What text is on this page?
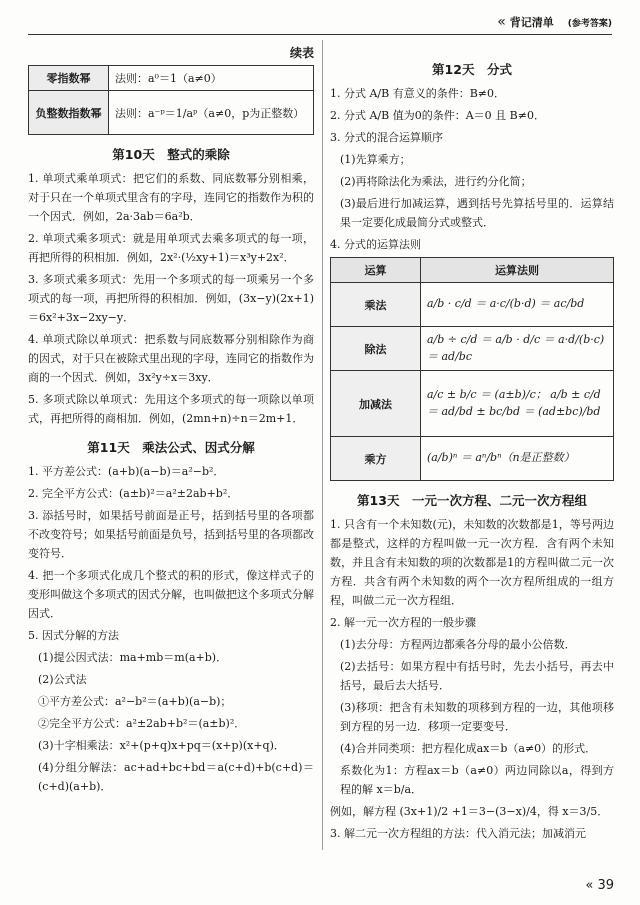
« 背记清单	(参考答案)
续表
零指数幂	法则：a⁰＝1（a≠0）
负整数指数幂	法则：a⁻ᵖ＝1/aᵖ（a≠0，p为正整数）
第10天　整式的乘除
1. 单项式乘单项式：把它们的系数、同底数幂分别相乘，对于只在一个单项式里含有的字母，连同它的指数作为积的一个因式．例如，2a·3ab＝6a²b．
2. 单项式乘多项式：就是用单项式去乘多项式的每一项，再把所得的积相加．例如，2x²·(½xy+1)＝x³y+2x²．
3. 多项式乘多项式：先用一个多项式的每一项乘另一个多项式的每一项，再把所得的积相加．例如，(3x−y)(2x+1)＝6x²+3x−2xy−y．
4. 单项式除以单项式：把系数与同底数幂分别相除作为商的因式，对于只在被除式里出现的字母，连同它的指数作为商的一个因式．例如，3x²y÷x＝3xy．
5. 多项式除以单项式：先用这个多项式的每一项除以单项式，再把所得的商相加．例如，(2mn+n)÷n＝2m+1．
第11天　乘法公式、因式分解
1. 平方差公式：(a+b)(a−b)＝a²−b²．
2. 完全平方公式：(a±b)²＝a²±2ab+b²．
3. 添括号时，如果括号前面是正号，括到括号里的各项都不改变符号；如果括号前面是负号，括到括号里的各项都改变符号．
4. 把一个多项式化成几个整式的积的形式，像这样式子的变形叫做这个多项式的因式分解，也叫做把这个多项式分解因式．
5. 因式分解的方法
(1)提公因式法：ma+mb＝m(a+b)．
(2)公式法
①平方差公式：a²−b²＝(a+b)(a−b)；
②完全平方公式：a²±2ab+b²＝(a±b)²．
(3)十字相乘法：x²+(p+q)x+pq＝(x+p)(x+q)．
(4)分组分解法：ac+ad+bc+bd＝a(c+d)+b(c+d)＝(c+d)(a+b)．
第12天　分式
1. 分式 A/B 有意义的条件：B≠0．
2. 分式 A/B 值为0的条件：A＝0 且 B≠0．
3. 分式的混合运算顺序
(1)先算乘方；
(2)再将除法化为乘法，进行约分化简；
(3)最后进行加减运算，遇到括号先算括号里的．运算结果一定要化成最简分式或整式．
4. 分式的运算法则
运算	运算法则
乘法	a/b · c/d ＝ a·c/(b·d) ＝ ac/bd
除法	a/b ÷ c/d ＝ a/b · d/c ＝ a·d/(b·c) ＝ ad/bc
加减法	a/c ± b/c ＝ (a±b)/c； a/b ± c/d ＝ ad/bd ± bc/bd ＝ (ad±bc)/bd
乘方	(a/b)ⁿ ＝ aⁿ/bⁿ（n是正整数）
第13天　一元一次方程、二元一次方程组
1. 只含有一个未知数(元)，未知数的次数都是1，等号两边都是整式，这样的方程叫做一元一次方程．含有两个未知数，并且含有未知数的项的次数都是1的方程叫做二元一次方程．共含有两个未知数的两个一次方程所组成的一组方程，叫做二元一次方程组．
2. 解一元一次方程的一般步骤
(1)去分母：方程两边都乘各分母的最小公倍数．
(2)去括号：如果方程中有括号时，先去小括号，再去中括号，最后去大括号．
(3)移项：把含有未知数的项移到方程的一边，其他项移到方程的另一边．移项一定要变号．
(4)合并同类项：把方程化成ax＝b（a≠0）的形式．
系数化为1：方程ax＝b（a≠0）两边同除以a，得到方程的解 x＝b/a．
例如，解方程 (3x+1)/2 +1＝3−(3−x)/4，得 x＝3/5．
3. 解二元一次方程组的方法：代入消元法；加减消元
« 39
